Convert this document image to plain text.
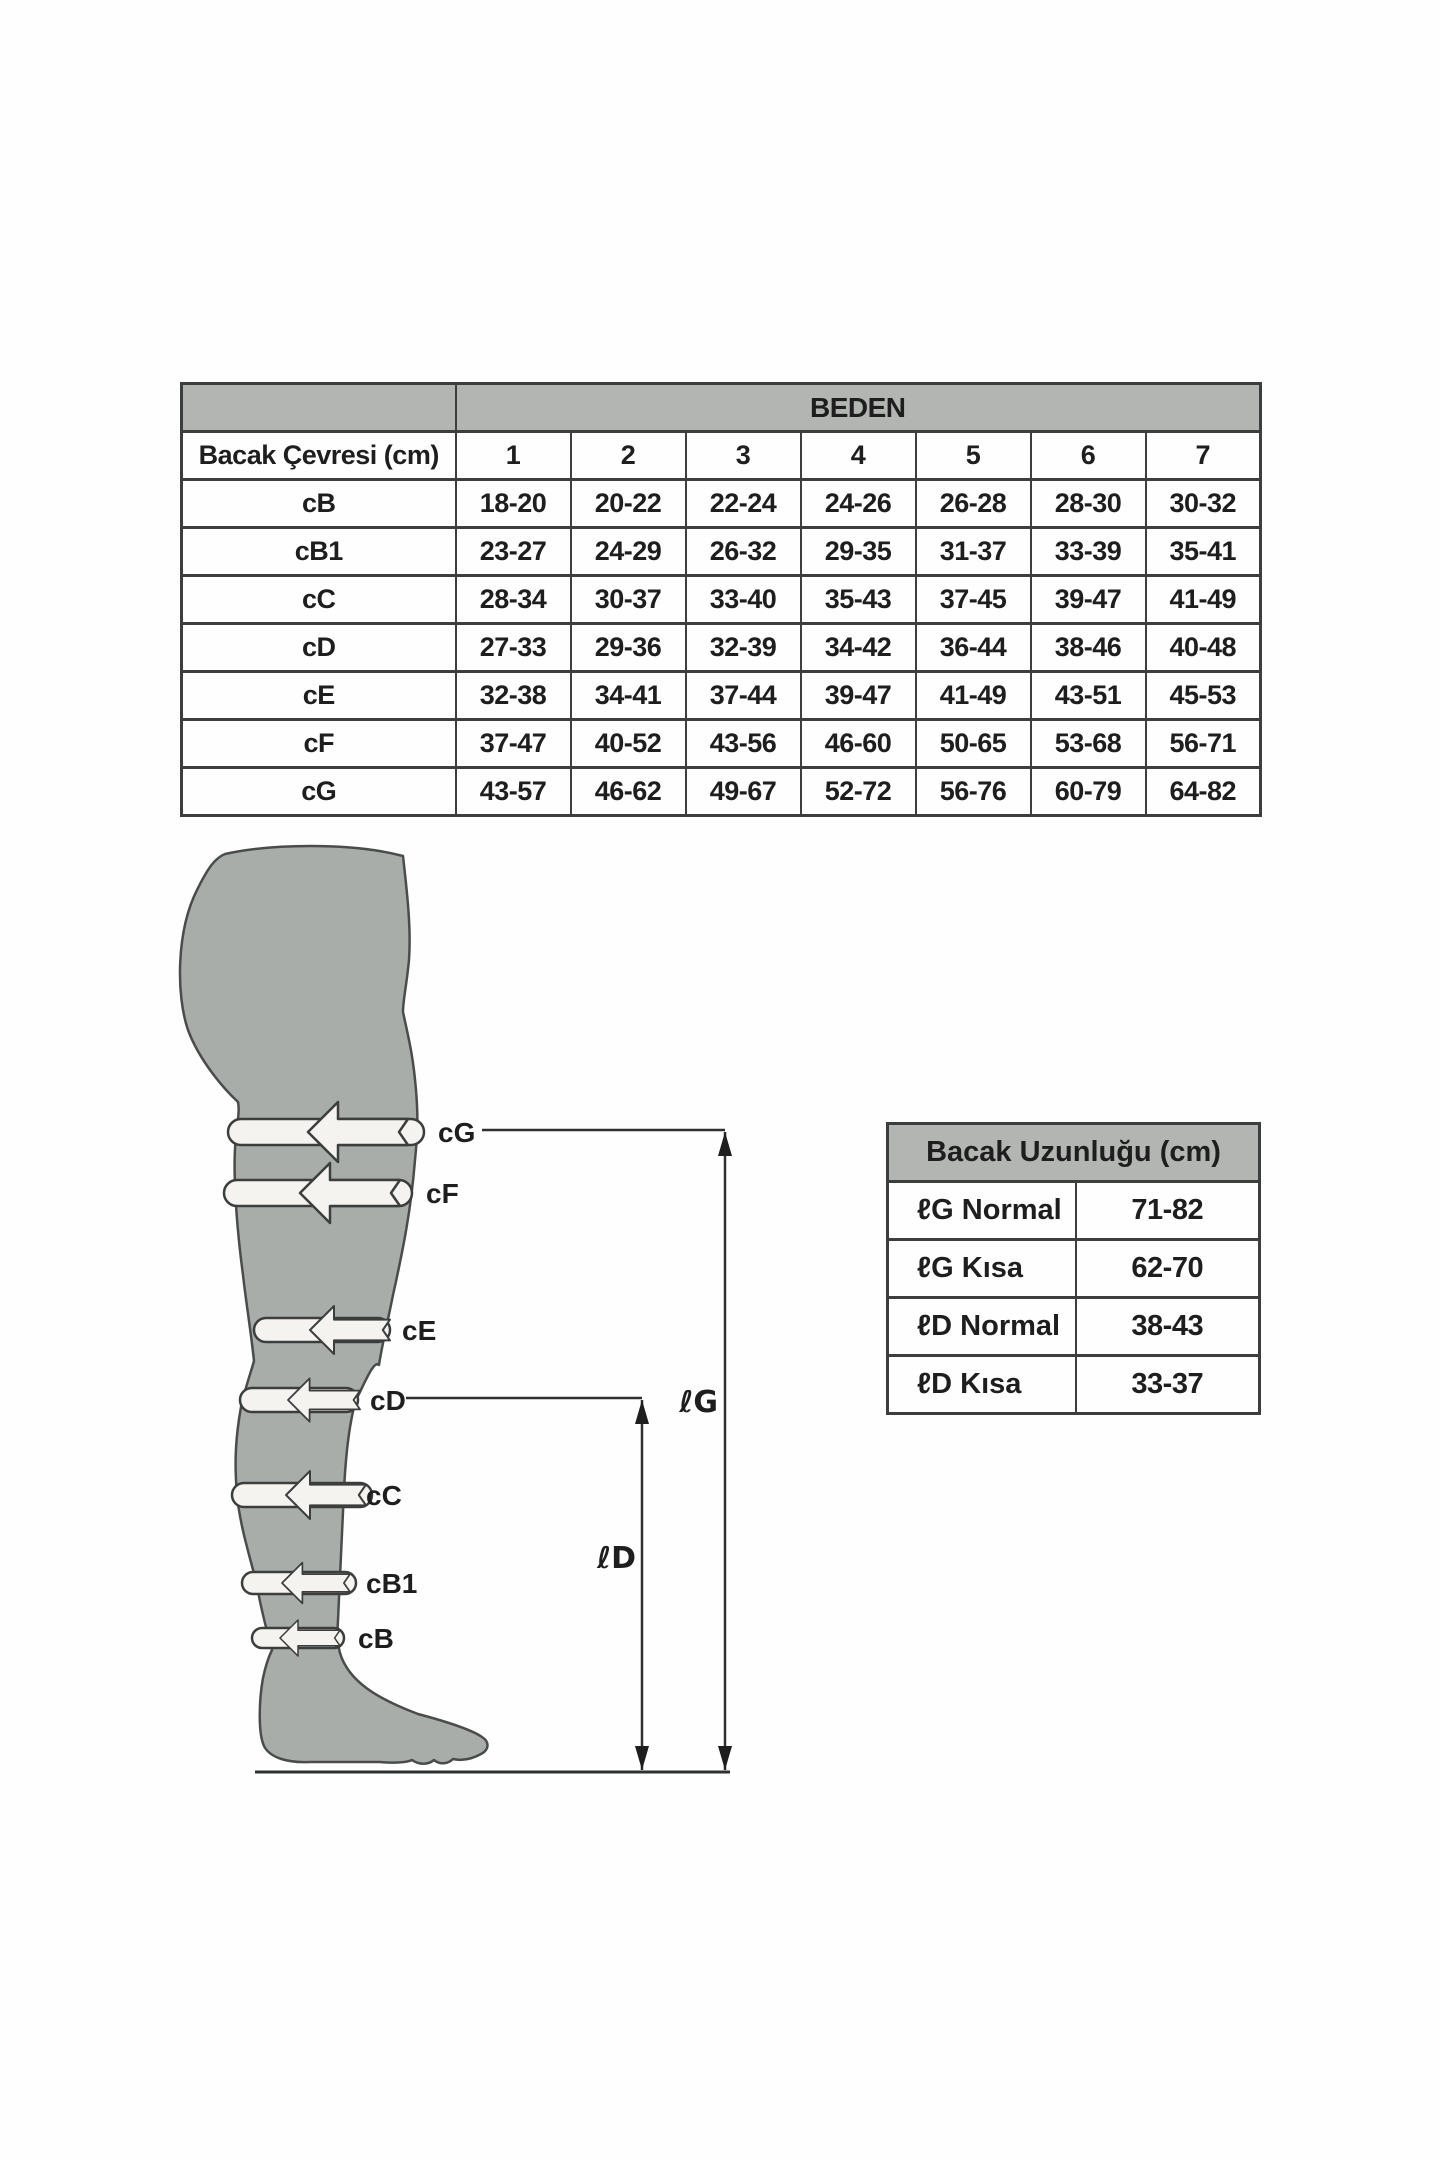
	BEDEN						
Bacak Çevresi (cm)	1	2	3	4	5	6	7
cB	18-20	20-22	22-24	24-26	26-28	28-30	30-32
cB1	23-27	24-29	26-32	29-35	31-37	33-39	35-41
cC	28-34	30-37	33-40	35-43	37-45	39-47	41-49
cD	27-33	29-36	32-39	34-42	36-44	38-46	40-48
cE	32-38	34-41	37-44	39-47	41-49	43-51	45-53
cF	37-47	40-52	43-56	46-60	50-65	53-68	56-71
cG	43-57	46-62	49-67	52-72	56-76	60-79	64-82
Bacak Uzunluğu (cm)	
ℓG Normal	71-82
ℓG Kısa	62-70
ℓD Normal	38-43
ℓD Kısa	33-37
cG
cF
cE
cD
cC
cB1
cB
ℓG
ℓD
